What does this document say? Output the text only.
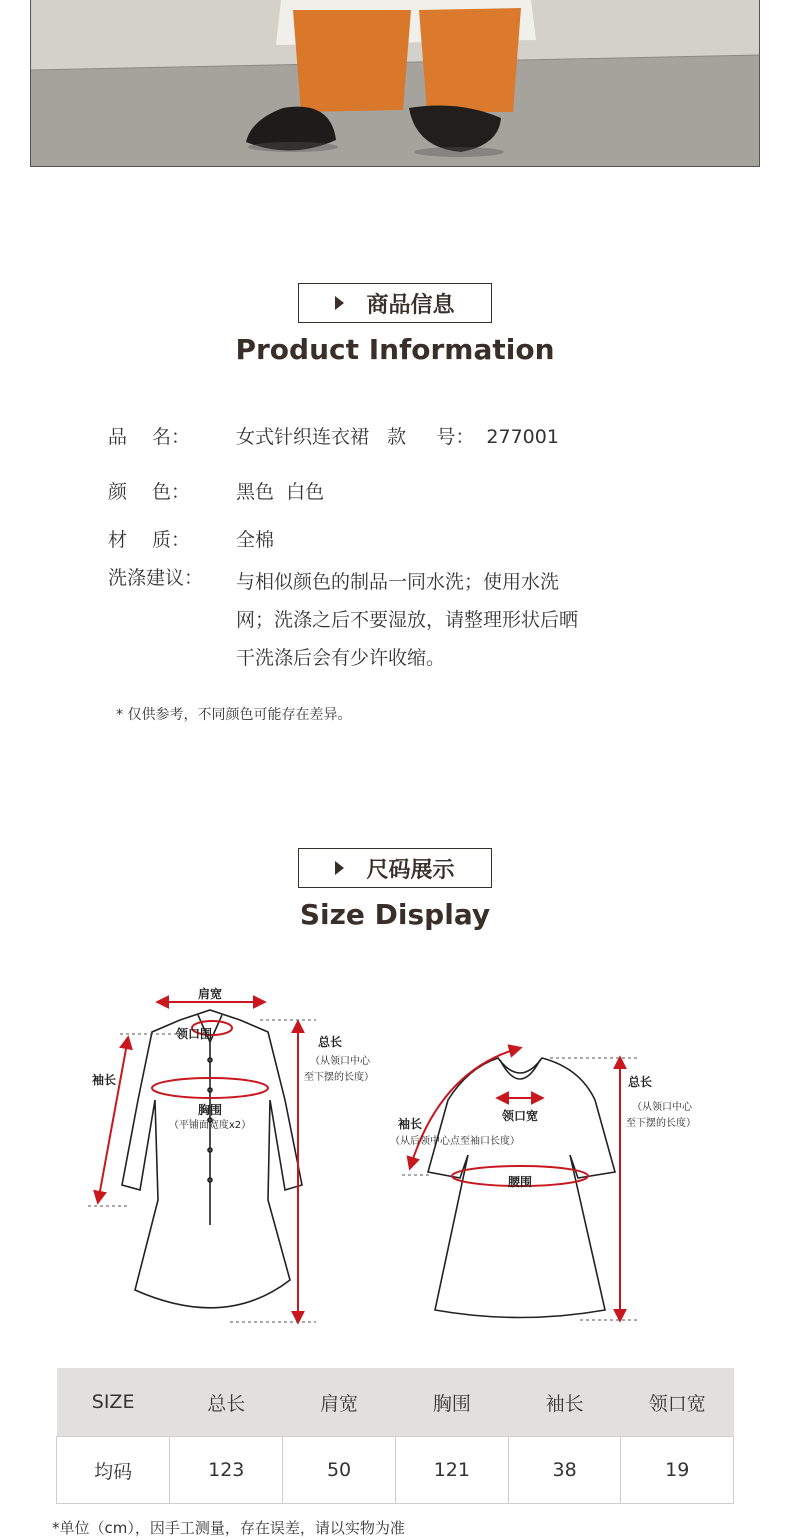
商品信息
Product Information
品　 名：	女式针织连衣裙   款     号：  277001
颜　 色：	黑色  白色
材　 质：	全棉
洗涤建议：	与相似颜色的制品一同水洗；使用水洗
网；洗涤之后不要湿放，请整理形状后晒
干洗涤后会有少许收缩。
* 仅供参考，不同颜色可能存在差异。
尺码展示
Size Display
肩宽
领口围
总长
袖长
胸围
（从领口中心
至下摆的长度）
（平铺面宽度x2）
总长
袖长
领口宽
腰围
（从领口中心
至下摆的长度）
（从后领中心点至袖口长度）
SIZE	总长	肩宽	胸围	袖长	领口宽
均码	123	50	121	38	19
*单位（cm），因手工测量，存在误差，请以实物为准
